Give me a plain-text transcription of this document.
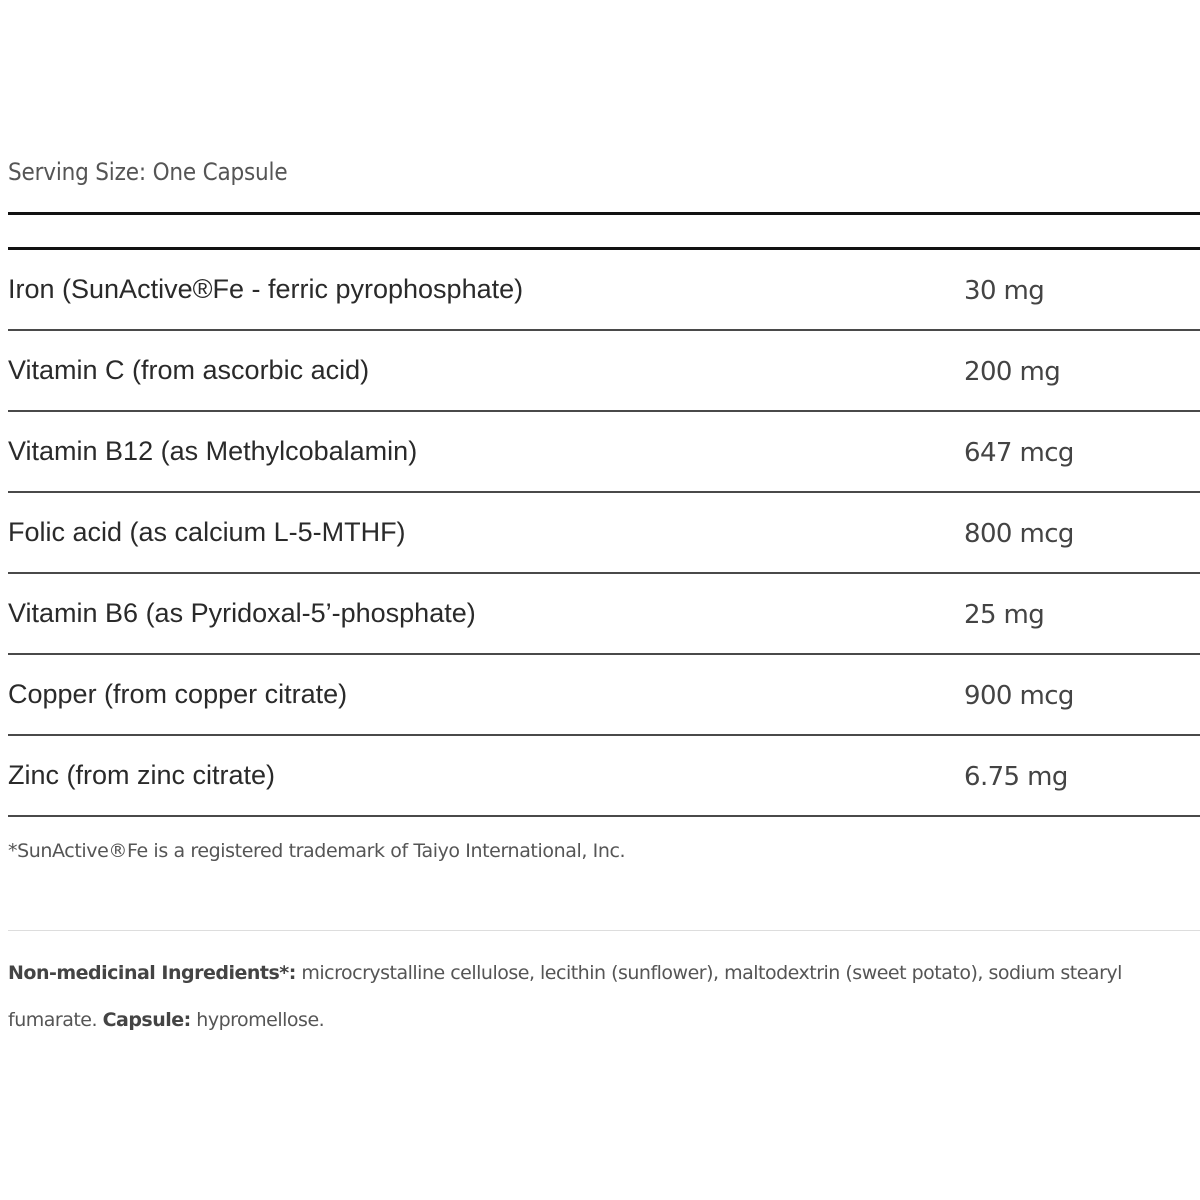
Serving Size: One Capsule
Iron (SunActive®Fe - ferric pyrophosphate)	30 mg
Vitamin C (from ascorbic acid)	200 mg
Vitamin B12 (as Methylcobalamin)	647 mcg
Folic acid (as calcium L-5-MTHF)	800 mcg
Vitamin B6 (as Pyridoxal-5’-phosphate)	25 mg
Copper (from copper citrate)	900 mcg
Zinc (from zinc citrate)	6.75 mg
*SunActive®Fe is a registered trademark of Taiyo International, Inc.
Non-medicinal Ingredients*: microcrystalline cellulose, lecithin (sunflower), maltodextrin (sweet potato), sodium stearyl fumarate. Capsule: hypromellose.
